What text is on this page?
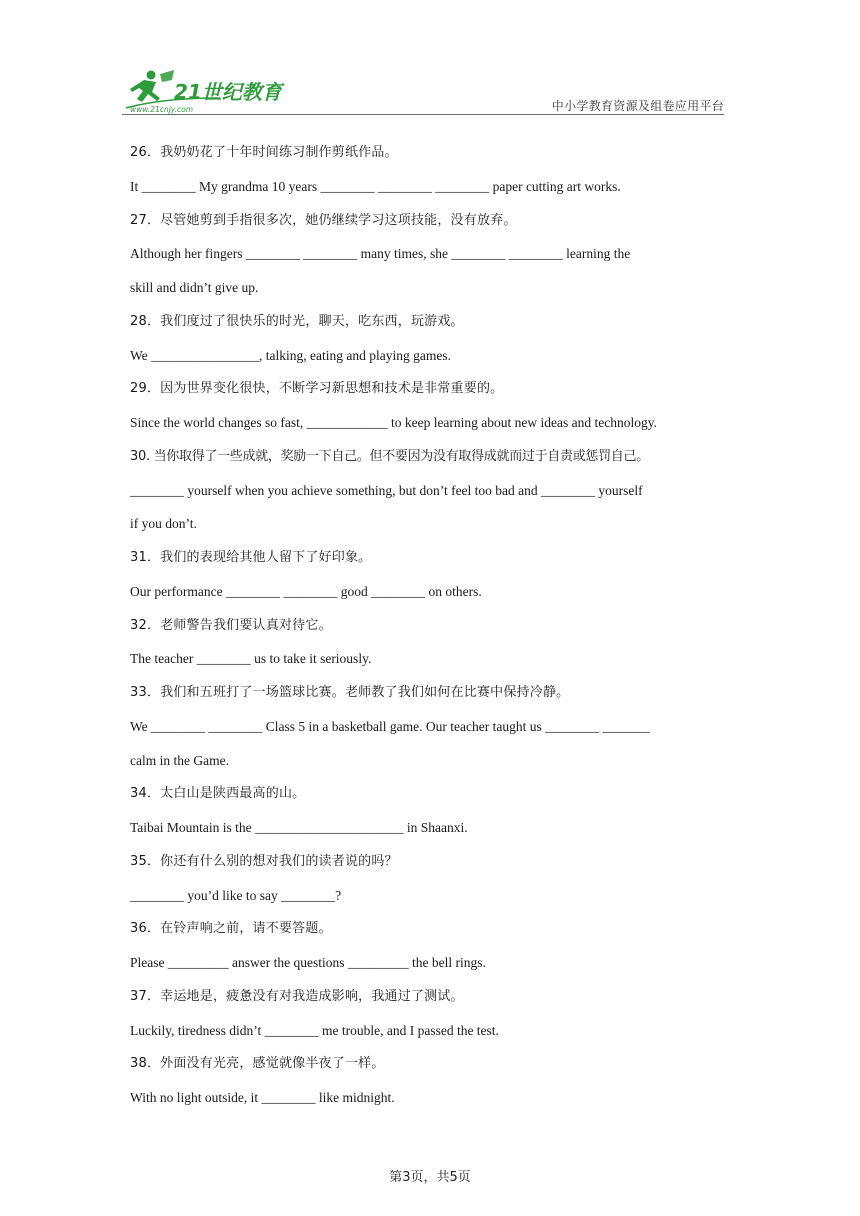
21世纪教育
www.21cnjy.com	中小学教育资源及组卷应用平台
26．我奶奶花了十年时间练习制作剪纸作品。
It ________ My grandma 10 years ________ ________ ________ paper cutting art works.
27．尽管她剪到手指很多次，她仍继续学习这项技能，没有放弃。
Although her fingers ________ ________ many times, she ________ ________ learning the
skill and didn’t give up.
28．我们度过了很快乐的时光，聊天，吃东西，玩游戏。
We ________________, talking, eating and playing games.
29．因为世界变化很快，不断学习新思想和技术是非常重要的。
Since the world changes so fast, ____________ to keep learning about new ideas and technology.
30. 当你取得了一些成就，奖励一下自己。但不要因为没有取得成就而过于自责或惩罚自己。
________ yourself when you achieve something, but don’t feel too bad and ________ yourself
if you don’t.
31．我们的表现给其他人留下了好印象。
Our performance ________ ________ good ________ on others.
32．老师警告我们要认真对待它。
The teacher ________ us to take it seriously.
33．我们和五班打了一场篮球比赛。老师教了我们如何在比赛中保持冷静。
We ________ ________ Class 5 in a basketball game. Our teacher taught us ________ _______
calm in the Game.
34．太白山是陕西最高的山。
Taibai Mountain is the ______________________ in Shaanxi.
35．你还有什么别的想对我们的读者说的吗？
________ you’d like to say ________?
36．在铃声响之前，请不要答题。
Please _________ answer the questions _________ the bell rings.
37．幸运地是，疲惫没有对我造成影响，我通过了测试。
Luckily, tiredness didn’t ________ me trouble, and I passed the test.
38．外面没有光亮，感觉就像半夜了一样。
With no light outside, it ________ like midnight.
第3页，共5页
